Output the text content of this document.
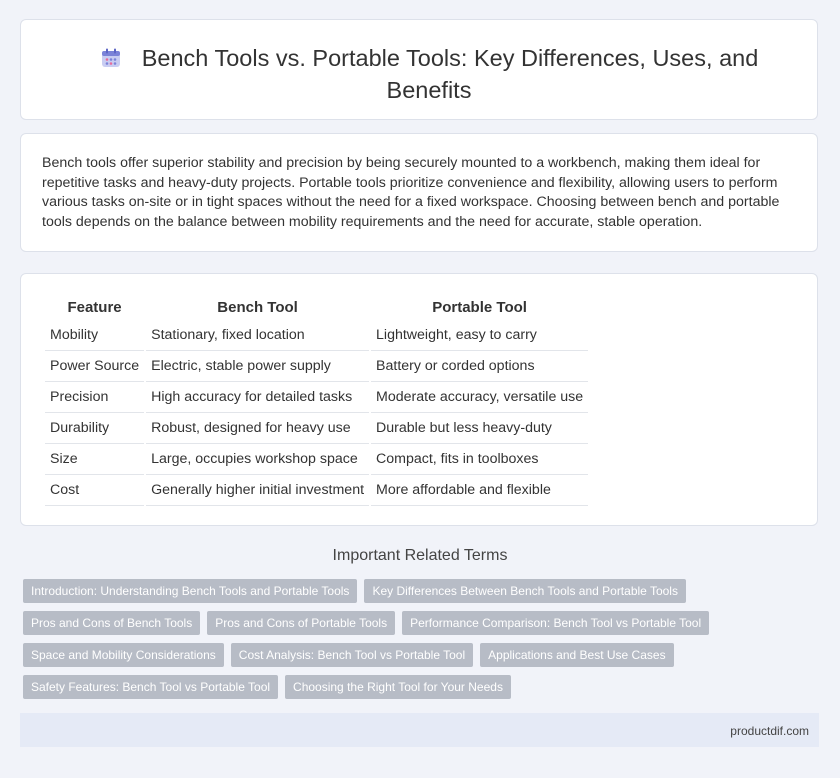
Bench Tools vs. Portable Tools: Key Differences, Uses, and Benefits

Bench tools offer superior stability and precision by being securely mounted to a workbench, making them ideal for repetitive tasks and heavy-duty projects. Portable tools prioritize convenience and flexibility, allowing users to perform various tasks on-site or in tight spaces without the need for a fixed workspace. Choosing between bench and portable tools depends on the balance between mobility requirements and the need for accurate, stable operation.

Feature	Bench Tool	Portable Tool
Mobility	Stationary, fixed location	Lightweight, easy to carry
Power Source	Electric, stable power supply	Battery or corded options
Precision	High accuracy for detailed tasks	Moderate accuracy, versatile use
Durability	Robust, designed for heavy use	Durable but less heavy-duty
Size	Large, occupies workshop space	Compact, fits in toolboxes
Cost	Generally higher initial investment	More affordable and flexible
Important Related Terms
Introduction: Understanding Bench Tools and Portable Tools	Key Differences Between Bench Tools and Portable Tools
Pros and Cons of Bench Tools	Pros and Cons of Portable Tools	Performance Comparison: Bench Tool vs Portable Tool
Space and Mobility Considerations	Cost Analysis: Bench Tool vs Portable Tool	Applications and Best Use Cases
Safety Features: Bench Tool vs Portable Tool	Choosing the Right Tool for Your Needs
productdif.com
